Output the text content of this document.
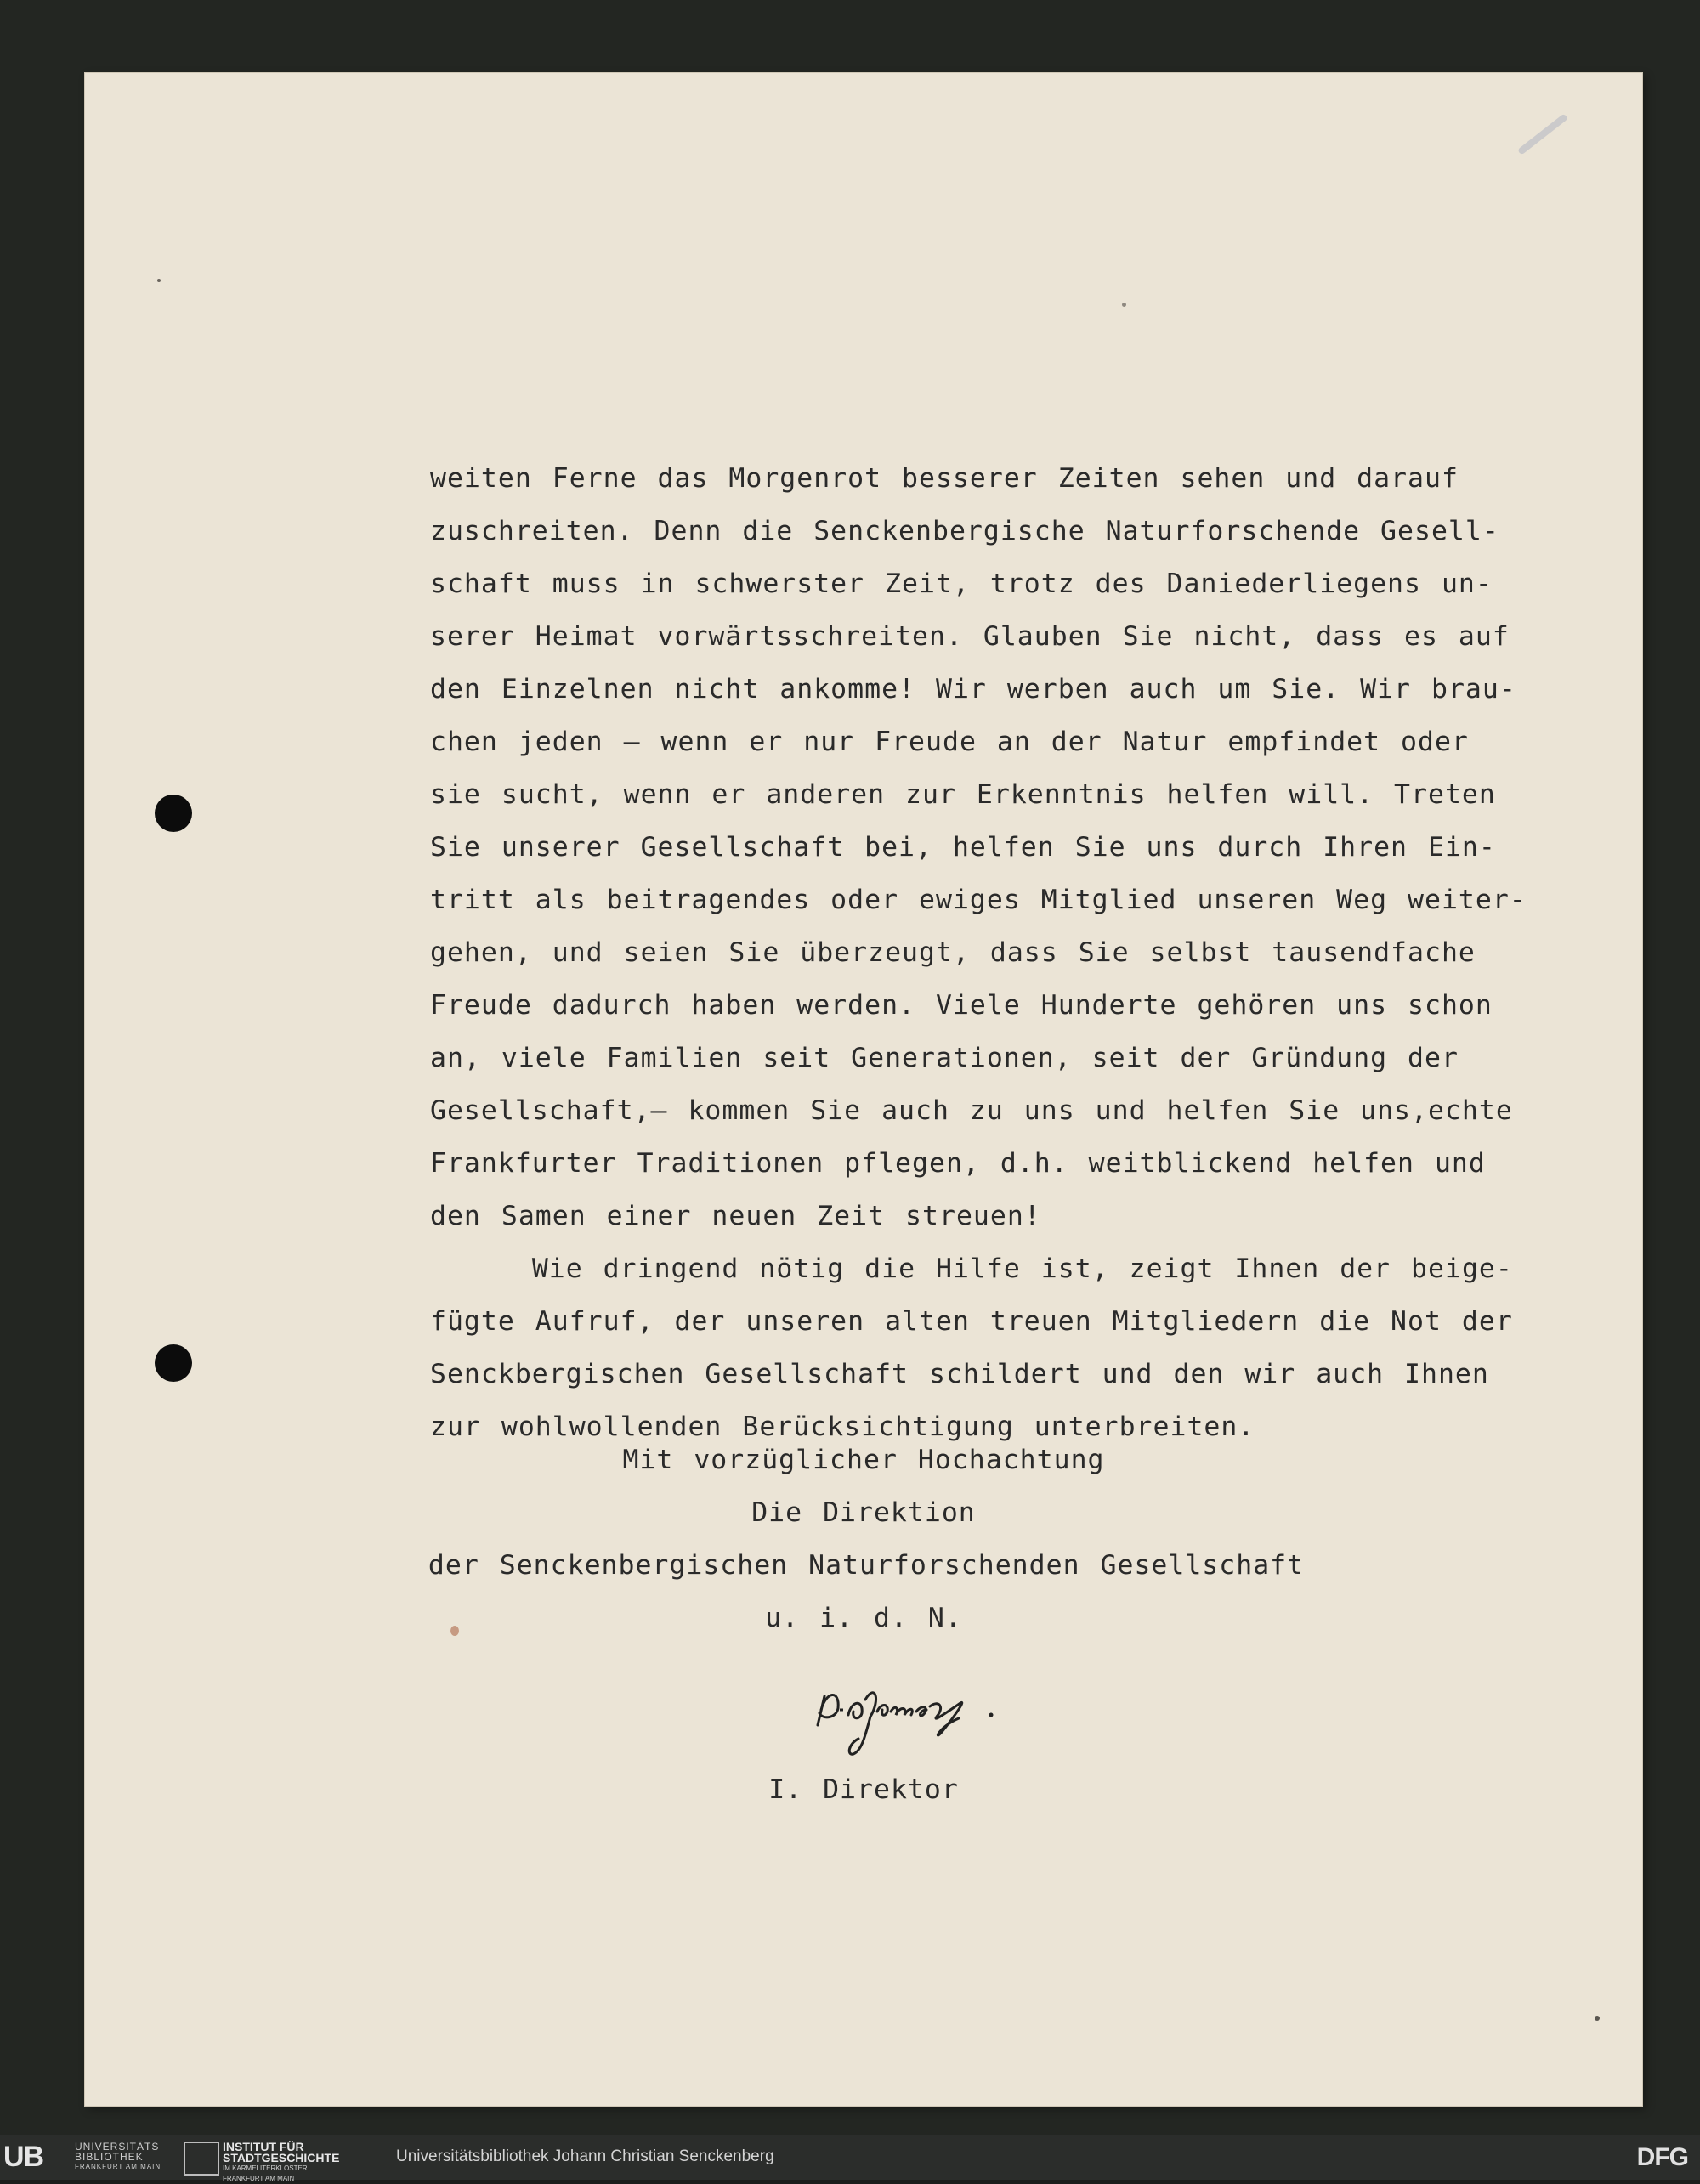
weiten Ferne das Morgenrot besserer Zeiten sehen und darauf
zuschreiten. Denn die Senckenbergische Naturforschende Gesell-
schaft muss in schwerster Zeit, trotz des Daniederliegens un-
serer Heimat vorwärtsschreiten. Glauben Sie nicht, dass es auf
den Einzelnen nicht ankomme! Wir werben auch um Sie. Wir brau-
chen jeden — wenn er nur Freude an der Natur empfindet oder
sie sucht, wenn er anderen zur Erkenntnis helfen will. Treten
Sie unserer Gesellschaft bei, helfen Sie uns durch Ihren Ein-
tritt als beitragendes oder ewiges Mitglied unseren Weg weiter-
gehen, und seien Sie überzeugt, dass Sie selbst tausendfache
Freude dadurch haben werden. Viele Hunderte gehören uns schon
an, viele Familien seit Generationen, seit der Gründung der
Gesellschaft,— kommen Sie auch zu uns und helfen Sie uns,echte
Frankfurter Traditionen pflegen, d.h. weitblickend helfen und
den Samen einer neuen Zeit streuen!
Wie dringend nötig die Hilfe ist, zeigt Ihnen der beige-
fügte Aufruf, der unseren alten treuen Mitgliedern die Not der
Senckbergischen Gesellschaft schildert und den wir auch Ihnen
zur wohlwollenden Berücksichtigung unterbreiten.
Mit vorzüglicher Hochachtung
Die Direktion
der Senckenbergischen Naturforschenden Gesellschaft
u. i. d. N.
I. Direktor
UB	UNIVERSITÄTS
BIBLIOTHEK
FRANKFURT AM MAIN
INSTITUT FÜR
STADTGESCHICHTE
IM KARMELITERKLOSTER
FRANKFURT AM MAIN
Universitätsbibliothek Johann Christian Senckenberg	DFG
